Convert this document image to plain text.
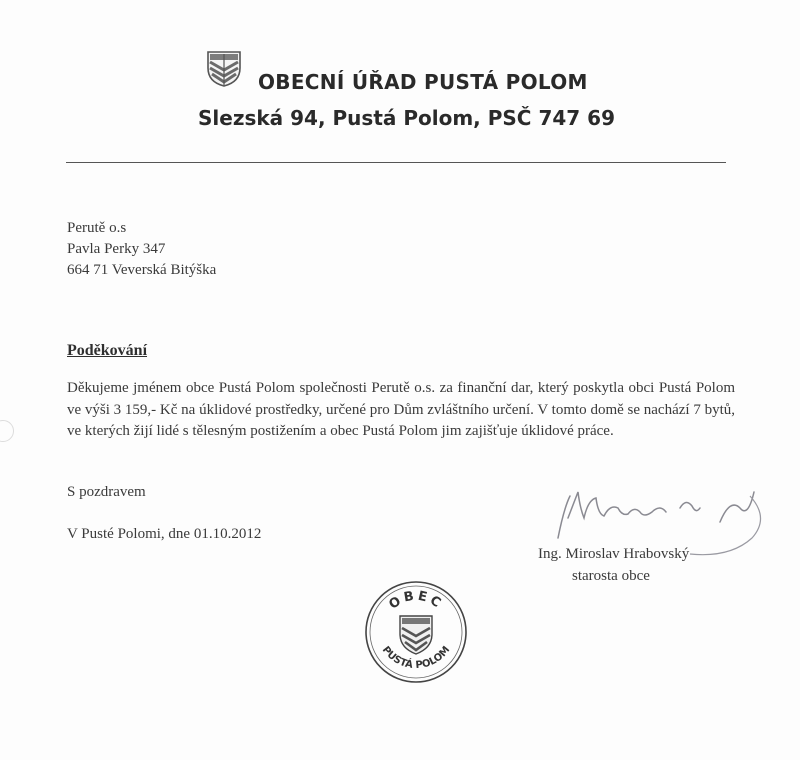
OBECNÍ ÚŘAD PUSTÁ POLOM
Slezská 94, Pustá Polom, PSČ 747 69
Perutě o.s
Pavla Perky 347
664 71 Veverská Bitýška
Poděkování
Děkujeme jménem obce Pustá Polom společnosti Perutě o.s. za finanční dar, který poskytla obci Pustá Polom ve výši 3 159,- Kč na úklidové prostředky, určené pro Dům zvláštního určení. V tomto domě se nachází 7 bytů, ve kterých žijí lidé s tělesným postižením a obec Pustá Polom jim zajišťuje úklidové práce.
S pozdravem
V Pusté Polomi, dne 01.10.2012
Ing. Miroslav Hrabovský
starosta obce
OBEC
PUSTÁ POLOM
